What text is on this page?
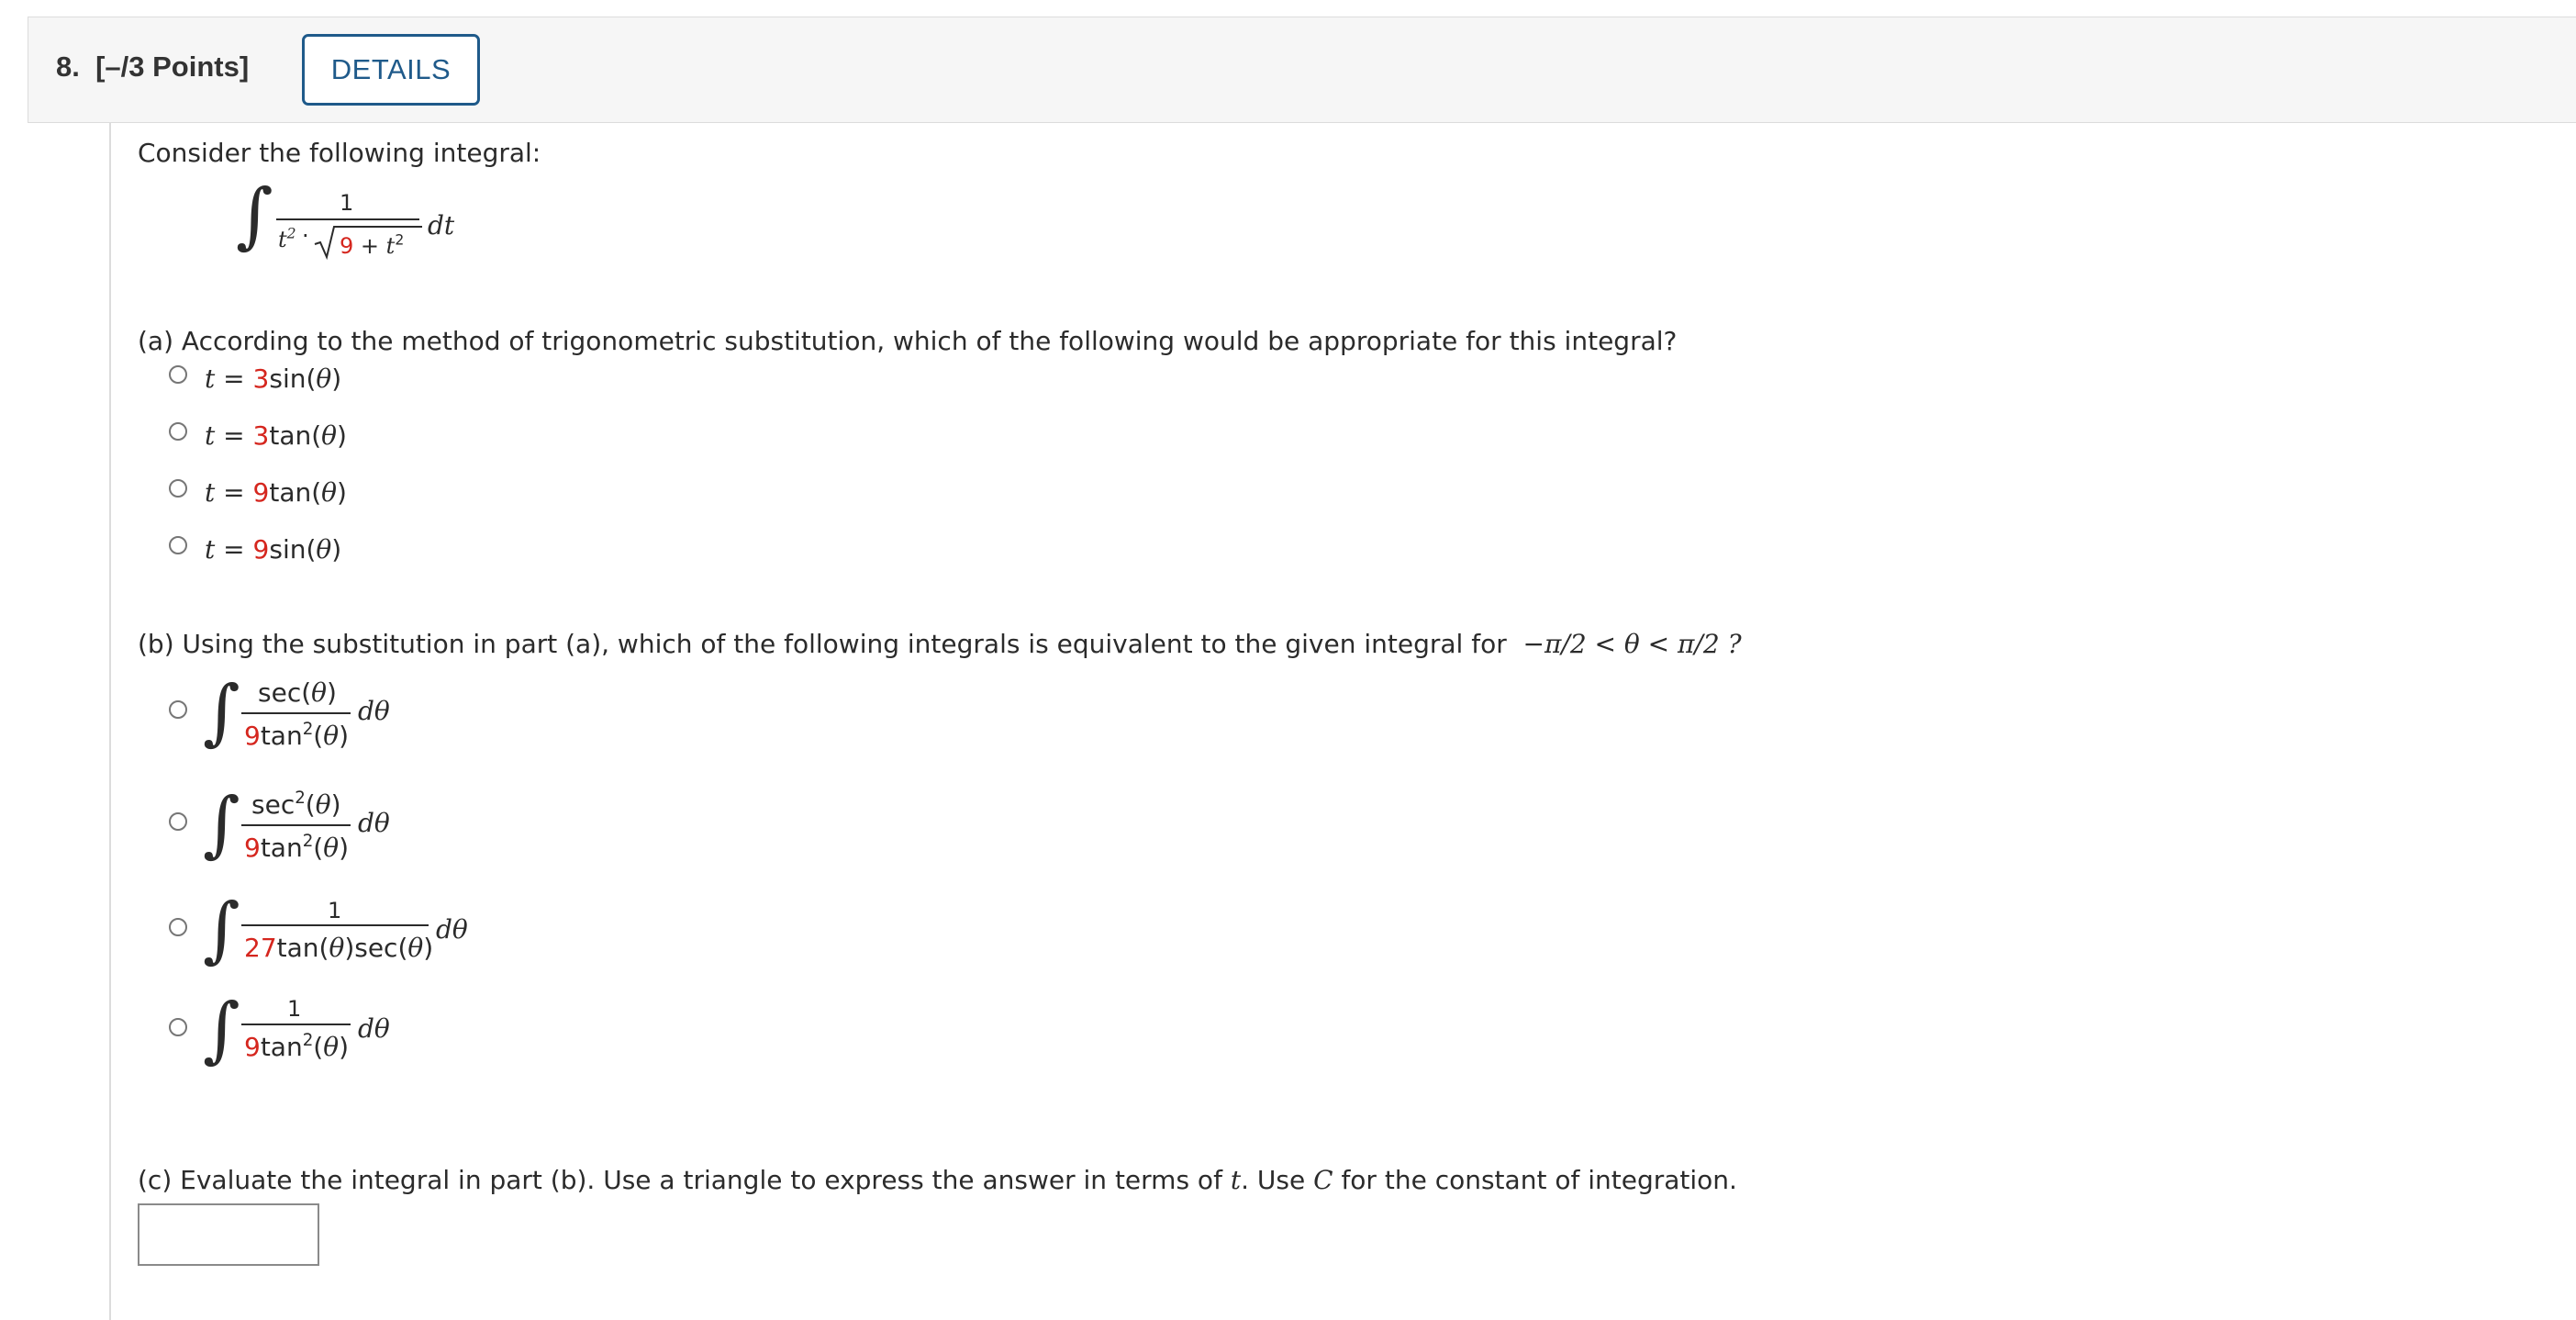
8. [–/3 Points]	DETAILS
Consider the following integral:
∫	1
$t^2 \cdot 9 + t^2$ dt
(a) According to the method of trigonometric substitution, which of the following would be appropriate for this integral?
t = 3sin(θ)
t = 3tan(θ)
t = 9tan(θ)
t = 9sin(θ)
(b) Using the substitution in part (a), which of the following integrals is equivalent to the given integral for −π/2 < θ < π/2 ?
∫ sec(θ)
$9\tan^2(\theta)$
dθ
∫ $\sec^2(\theta)$
$9\tan^2(\theta)$
dθ
∫	1
27tan(θ)sec(θ)
dθ
∫ 1
$9\tan^2(\theta)$
dθ
(c) Evaluate the integral in part (b). Use a triangle to express the answer in terms of t. Use C for the constant of integration.
